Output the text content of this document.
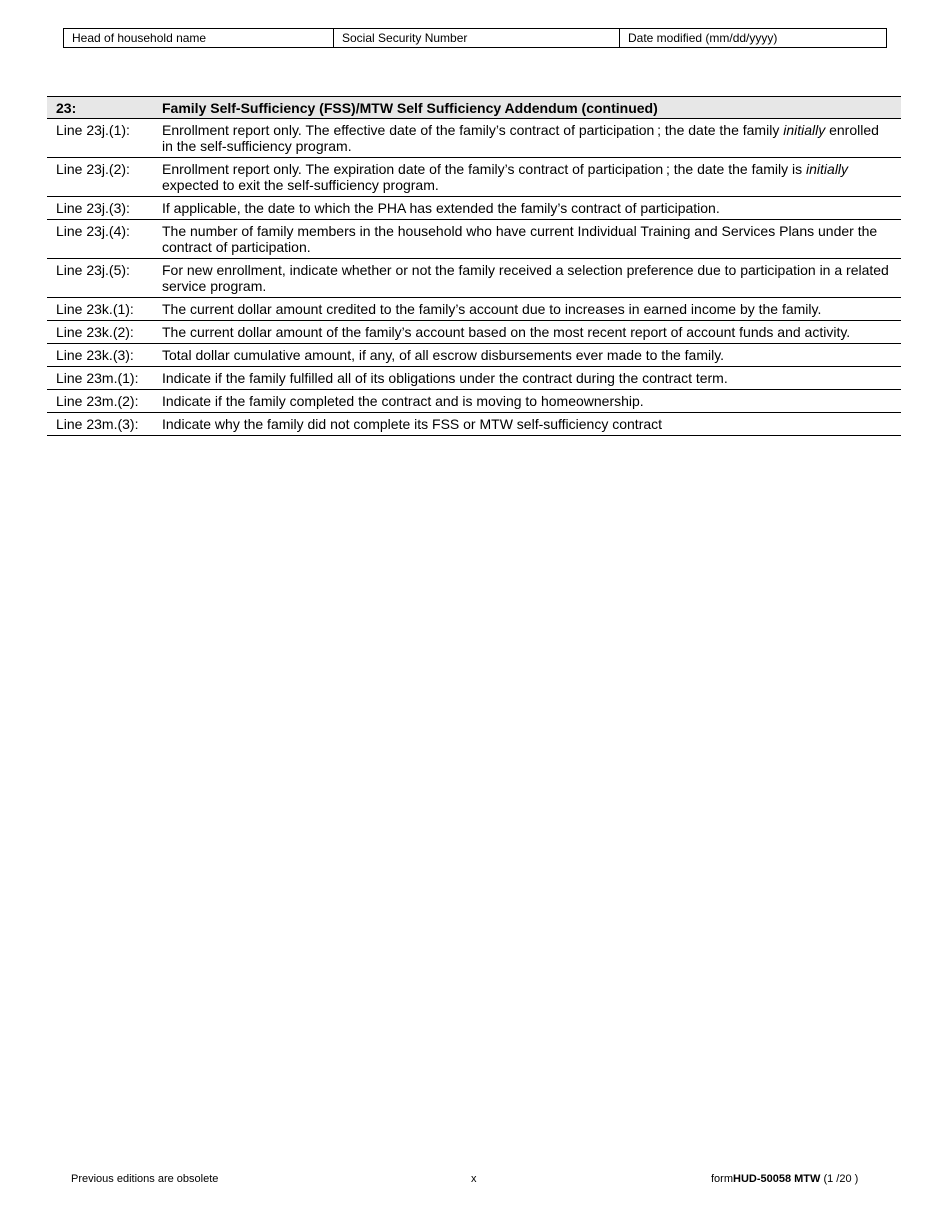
Head of household name	Social Security Number	Date modified (mm/dd/yyyy)
23:	Family Self-Sufficiency (FSS)/MTW Self Sufficiency Addendum (continued)
Line 23j.(1):	Enrollment report only. The effective date of the family’s contract of participation ; the date the family initially enrolled in the self-sufficiency program.
Line 23j.(2):	Enrollment report only. The expiration date of the family’s contract of participation ; the date the family is initially expected to exit the self-sufficiency program.
Line 23j.(3):	If applicable, the date to which the PHA has extended the family’s contract of participation.
Line 23j.(4):	The number of family members in the household who have current Individual Training and Services Plans under the contract of participation.
Line 23j.(5):	For new enrollment, indicate whether or not the family received a selection preference due to participation in a related service program.
Line 23k.(1):	The current dollar amount credited to the family’s account due to increases in earned income by the family.
Line 23k.(2):	The current dollar amount of the family’s account based on the most recent report of account funds and activity.
Line 23k.(3):	Total dollar cumulative amount, if any, of all escrow disbursements ever made to the family.
Line 23m.(1):	Indicate if the family fulfilled all of its obligations under the contract during the contract term.
Line 23m.(2):	Indicate if the family completed the contract and is moving to homeownership.
Line 23m.(3):	Indicate why the family did not complete its FSS or MTW self-sufficiency contract
Previous editions are obsolete	x	formHUD-50058 MTW (1 /20 )
